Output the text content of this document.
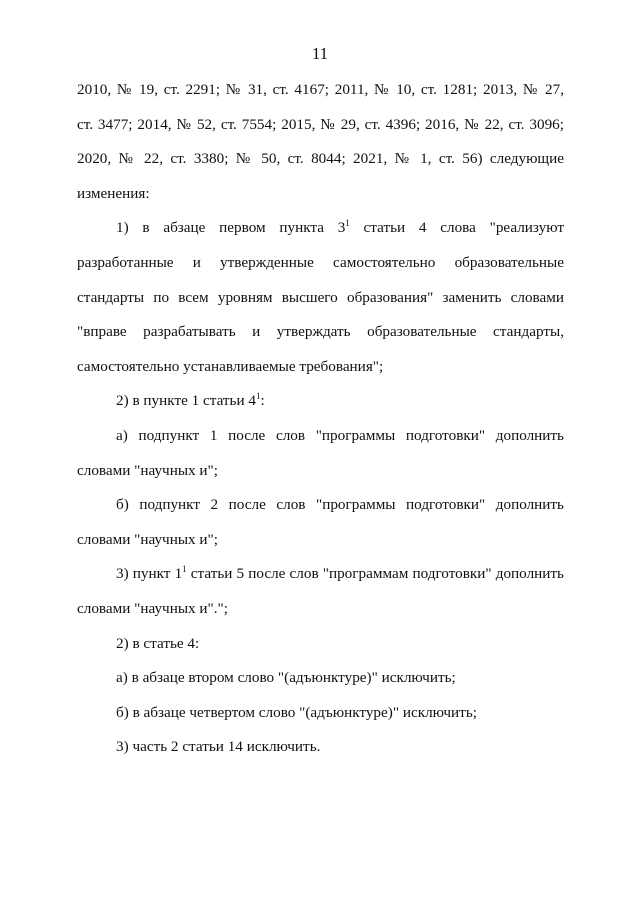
11
2010, № 19, ст. 2291; № 31, ст. 4167; 2011, № 10, ст. 1281; 2013, № 27,
ст. 3477; 2014, № 52, ст. 7554; 2015, № 29, ст. 4396; 2016, № 22, ст. 3096;
2020, № 22, ст. 3380; № 50, ст. 8044; 2021, № 1, ст. 56) следующие
изменения:
1) в абзаце первом пункта $3^1$ статьи 4 слова "реализуют
разработанные и утвержденные самостоятельно образовательные
стандарты по всем уровням высшего образования" заменить словами
"вправе разрабатывать и утверждать образовательные стандарты,
самостоятельно устанавливаемые требования";
2) в пункте 1 статьи $4^1$:
а) подпункт 1 после слов "программы подготовки" дополнить
словами "научных и";
б) подпункт 2 после слов "программы подготовки" дополнить
словами "научных и";
3) пункт $1^1$ статьи 5 после слов "программам подготовки" дополнить
словами "научных и".";
2) в статье 4:
а) в абзаце втором слово "(адъюнктуре)" исключить;
б) в абзаце четвертом слово "(адъюнктуре)" исключить;
3) часть 2 статьи 14 исключить.
